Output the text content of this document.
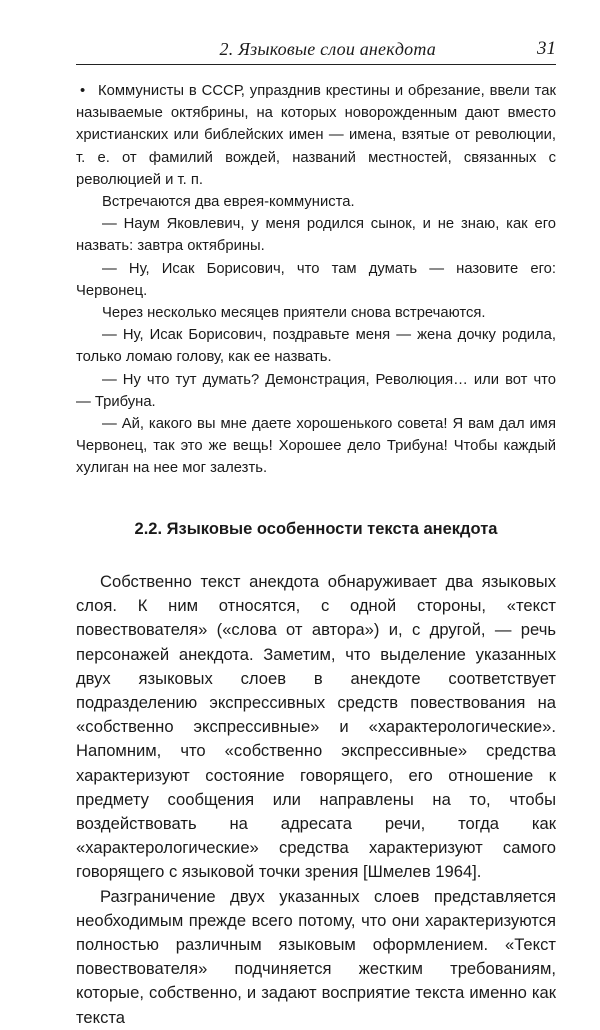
2. Языковые слои анекдота	31

• Коммунисты в СССР, упразднив крестины и обрезание, ввели так называемые октябрины, на которых новорожденным дают вместо христианских или библейских имен — имена, взятые от революции, т. е. от фамилий вождей, названий местностей, связанных с революцией и т. п.

Встречаются два еврея-коммуниста.

— Наум Яковлевич, у меня родился сынок, и не знаю, как его назвать: завтра октябрины.

— Ну, Исак Борисович, что там думать — назовите его: Червонец.

Через несколько месяцев приятели снова встречаются.

— Ну, Исак Борисович, поздравьте меня — жена дочку родила, только ломаю голову, как ее назвать.

— Ну что тут думать? Демонстрация, Революция… или вот что — Трибуна.

— Ай, какого вы мне даете хорошенького совета! Я вам дал имя Червонец, так это же вещь! Хорошее дело Трибуна! Чтобы каждый хулиган на нее мог залезть.

2.2. Языковые особенности текста анекдота

Собственно текст анекдота обнаруживает два языковых слоя. К ним относятся, с одной стороны, «текст повествователя» («слова от автора») и, с другой, — речь персонажей анекдота. Заметим, что выделение указанных двух языковых слоев в анекдоте соответствует подразделению экспрессивных средств повествования на «собственно экспрессивные» и «характерологические». Напомним, что «собственно экспрессивные» средства характеризуют состояние говорящего, его отношение к предмету сообщения или направлены на то, чтобы воздействовать на адресата речи, тогда как «характерологические» средства характеризуют самого говорящего с языковой точки зрения [Шмелев 1964].

Разграничение двух указанных слоев представляется необходимым прежде всего потому, что они характеризуются полностью различным языковым оформлением. «Текст повествователя» подчиняется жестким требованиям, которые, собственно, и задают восприятие текста именно как текста
